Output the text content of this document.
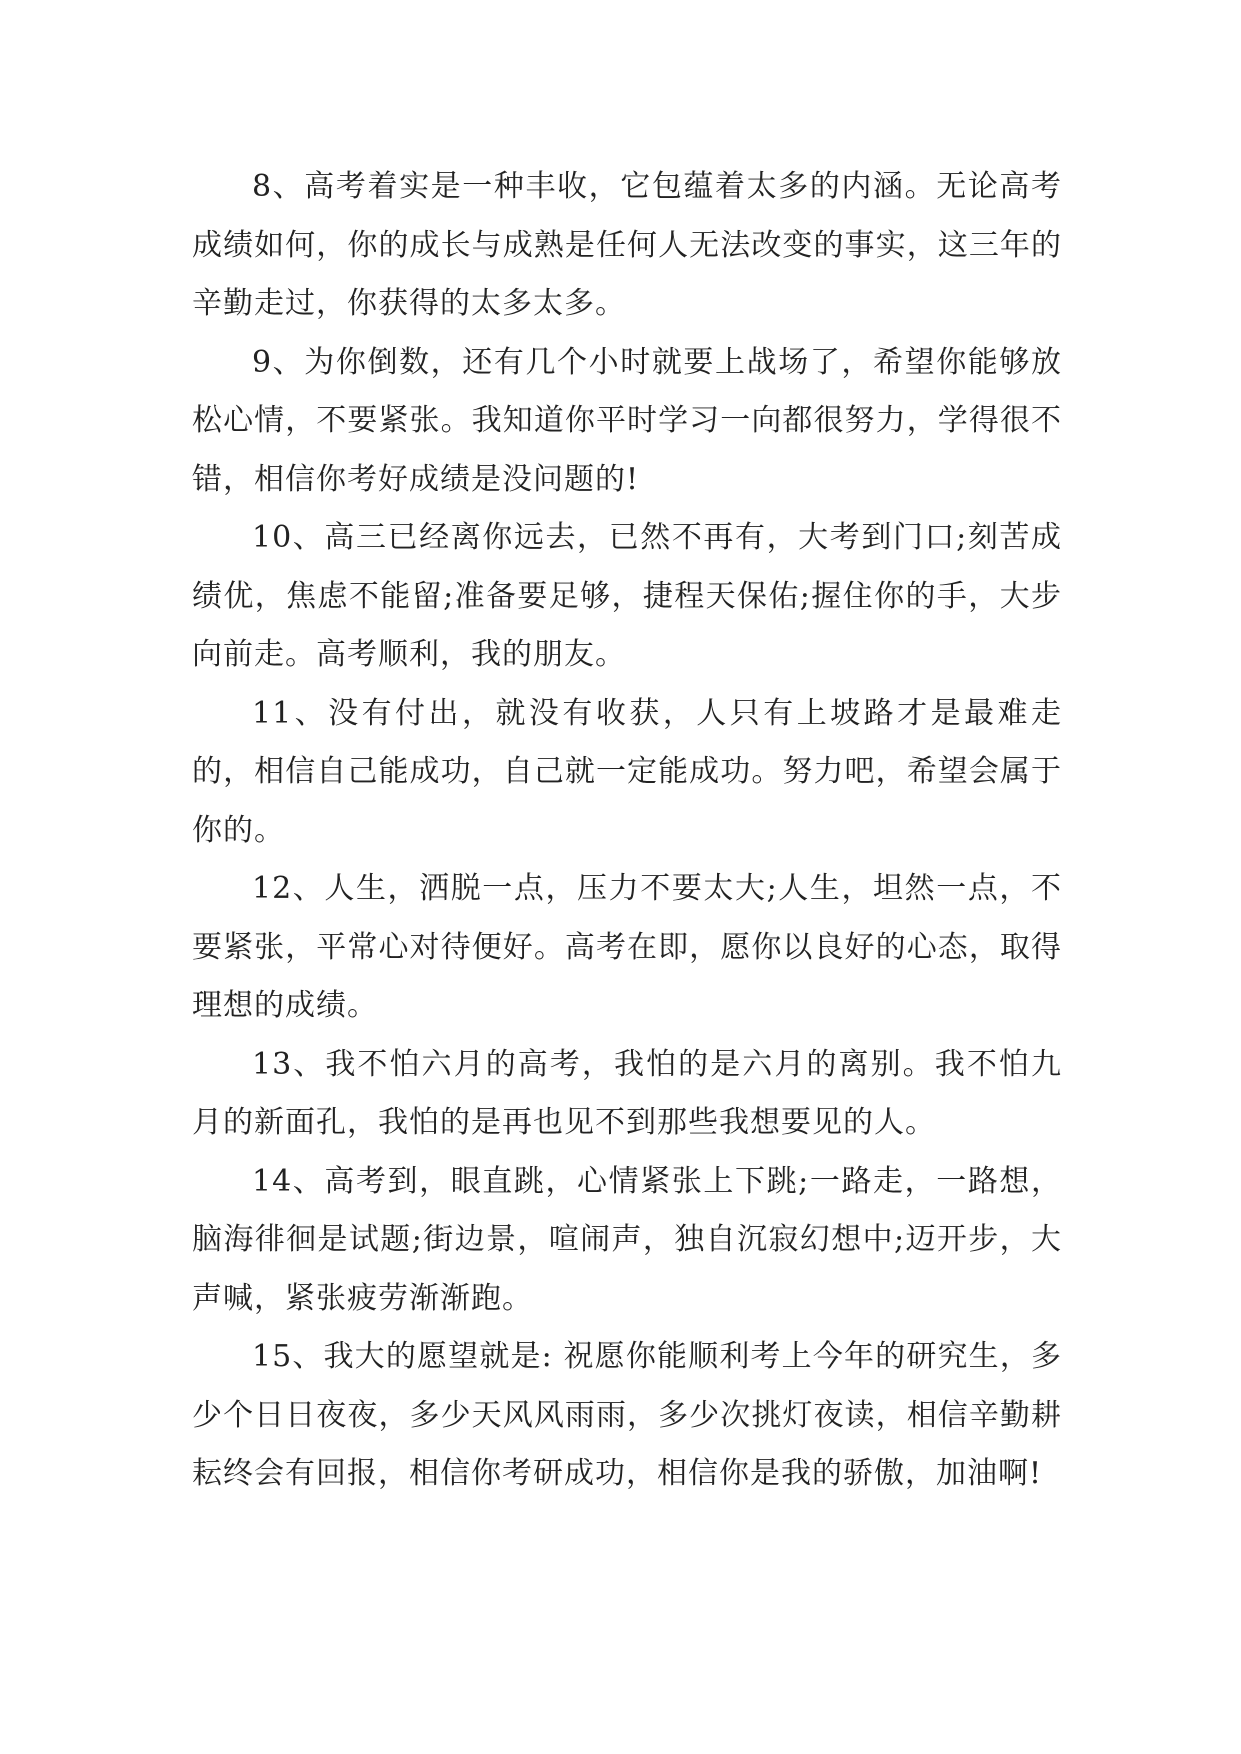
8、高考着实是一种丰收，它包蕴着太多的内涵。无论高考成绩如何，你的成长与成熟是任何人无法改变的事实，这三年的辛勤走过，你获得的太多太多。

9、为你倒数，还有几个小时就要上战场了，希望你能够放松心情，不要紧张。我知道你平时学习一向都很努力，学得很不错，相信你考好成绩是没问题的!

10、高三已经离你远去，已然不再有，大考到门口;刻苦成绩优，焦虑不能留;准备要足够，捷程天保佑;握住你的手，大步向前走。高考顺利，我的朋友。

11、没有付出，就没有收获，人只有上坡路才是最难走的，相信自己能成功，自己就一定能成功。努力吧，希望会属于你的。

12、人生，洒脱一点，压力不要太大;人生，坦然一点，不要紧张，平常心对待便好。高考在即，愿你以良好的心态，取得理想的成绩。

13、我不怕六月的高考，我怕的是六月的离别。我不怕九月的新面孔，我怕的是再也见不到那些我想要见的人。

14、高考到，眼直跳，心情紧张上下跳;一路走，一路想，脑海徘徊是试题;街边景，喧闹声，独自沉寂幻想中;迈开步，大声喊，紧张疲劳渐渐跑。

15、我大的愿望就是: 祝愿你能顺利考上今年的研究生，多少个日日夜夜，多少天风风雨雨，多少次挑灯夜读，相信辛勤耕耘终会有回报，相信你考研成功，相信你是我的骄傲，加油啊!
